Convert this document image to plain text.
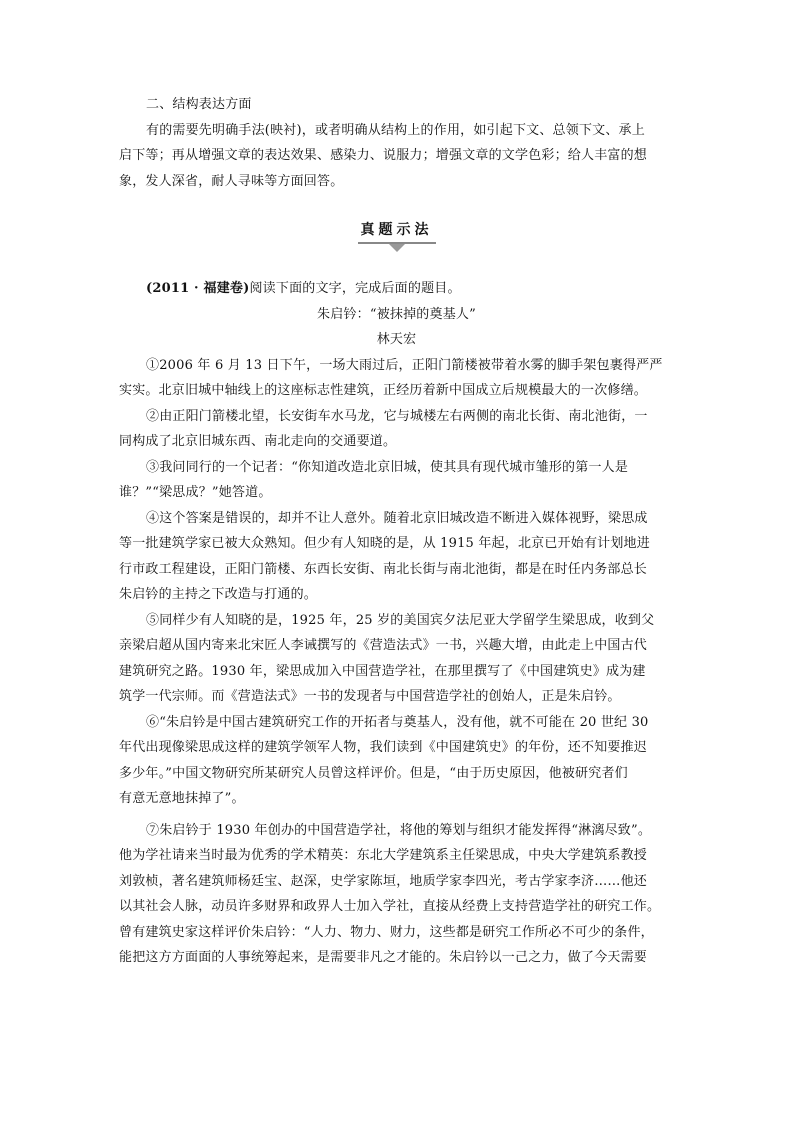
二、结构表达方面
有的需要先明确手法(映衬)，或者明确从结构上的作用，如引起下文、总领下文、承上
启下等；再从增强文章的表达效果、感染力、说服力；增强文章的文学色彩；给人丰富的想
象，发人深省，耐人寻味等方面回答。
真题示法
(2011 · 福建卷)阅读下面的文字，完成后面的题目。
朱启钤：“被抹掉的奠基人”
林天宏
①2006 年 6 月 13 日下午，一场大雨过后，正阳门箭楼被带着水雾的脚手架包裹得严严
实实。北京旧城中轴线上的这座标志性建筑，正经历着新中国成立后规模最大的一次修缮。
②由正阳门箭楼北望，长安街车水马龙，它与城楼左右两侧的南北长街、南北池街，一
同构成了北京旧城东西、南北走向的交通要道。
③我问同行的一个记者：“你知道改造北京旧城，使其具有现代城市雏形的第一人是
谁？”“梁思成？”她答道。
④这个答案是错误的，却并不让人意外。随着北京旧城改造不断进入媒体视野，梁思成
等一批建筑学家已被大众熟知。但少有人知晓的是，从 1915 年起，北京已开始有计划地进
行市政工程建设，正阳门箭楼、东西长安街、南北长街与南北池街，都是在时任内务部总长
朱启钤的主持之下改造与打通的。
⑤同样少有人知晓的是，1925 年，25 岁的美国宾夕法尼亚大学留学生梁思成，收到父
亲梁启超从国内寄来北宋匠人李诫撰写的《营造法式》一书，兴趣大增，由此走上中国古代
建筑研究之路。1930 年，梁思成加入中国营造学社，在那里撰写了《中国建筑史》成为建
筑学一代宗师。而《营造法式》一书的发现者与中国营造学社的创始人，正是朱启钤。
⑥“朱启钤是中国古建筑研究工作的开拓者与奠基人，没有他，就不可能在 20 世纪 30
年代出现像梁思成这样的建筑学领军人物，我们读到《中国建筑史》的年份，还不知要推迟
多少年。”中国文物研究所某研究人员曾这样评价。但是，“由于历史原因，他被研究者们
有意无意地抹掉了”。
⑦朱启钤于 1930 年创办的中国营造学社，将他的筹划与组织才能发挥得“淋漓尽致”。
他为学社请来当时最为优秀的学术精英：东北大学建筑系主任梁思成，中央大学建筑系教授
刘敦桢，著名建筑师杨廷宝、赵深，史学家陈垣，地质学家李四光，考古学家李济……他还
以其社会人脉，动员许多财界和政界人士加入学社，直接从经费上支持营造学社的研究工作。
曾有建筑史家这样评价朱启钤：“人力、物力、财力，这些都是研究工作所必不可少的条件，
能把这方方面面的人事统筹起来，是需要非凡之才能的。朱启钤以一己之力，做了今天需要
